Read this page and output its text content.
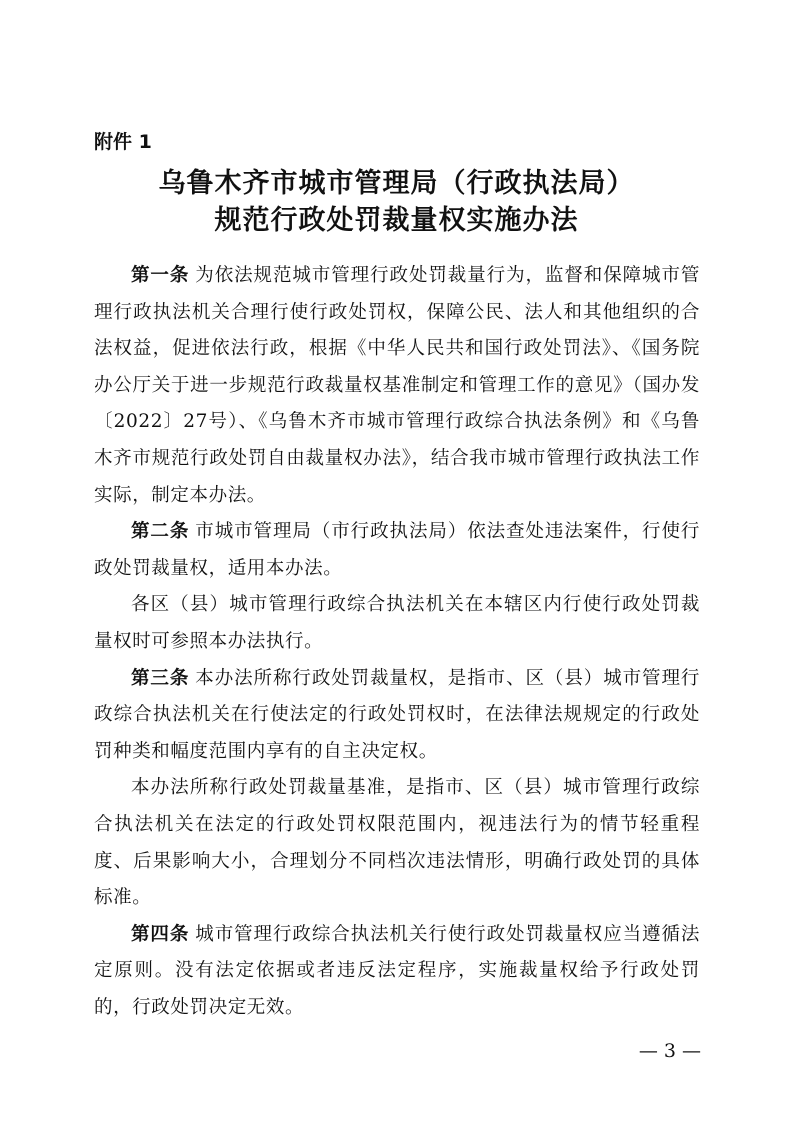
附件 1
乌鲁木齐市城市管理局（行政执法局）
规范行政处罚裁量权实施办法

第一条 为依法规范城市管理行政处罚裁量行为，监督和保障城市管理行政执法机关合理行使行政处罚权，保障公民、法人和其他组织的合法权益，促进依法行政，根据《中华人民共和国行政处罚法》、《国务院办公厅关于进一步规范行政裁量权基准制定和管理工作的意见》（国办发〔2022〕27号）、《乌鲁木齐市城市管理行政综合执法条例》和《乌鲁木齐市规范行政处罚自由裁量权办法》，结合我市城市管理行政执法工作实际，制定本办法。

第二条 市城市管理局（市行政执法局）依法查处违法案件，行使行政处罚裁量权，适用本办法。

各区（县）城市管理行政综合执法机关在本辖区内行使行政处罚裁量权时可参照本办法执行。

第三条 本办法所称行政处罚裁量权，是指市、区（县）城市管理行政综合执法机关在行使法定的行政处罚权时，在法律法规规定的行政处罚种类和幅度范围内享有的自主决定权。

本办法所称行政处罚裁量基准，是指市、区（县）城市管理行政综合执法机关在法定的行政处罚权限范围内，视违法行为的情节轻重程度、后果影响大小，合理划分不同档次违法情形，明确行政处罚的具体标准。

第四条 城市管理行政综合执法机关行使行政处罚裁量权应当遵循法定原则。没有法定依据或者违反法定程序，实施裁量权给予行政处罚的，行政处罚决定无效。

— 3 —
